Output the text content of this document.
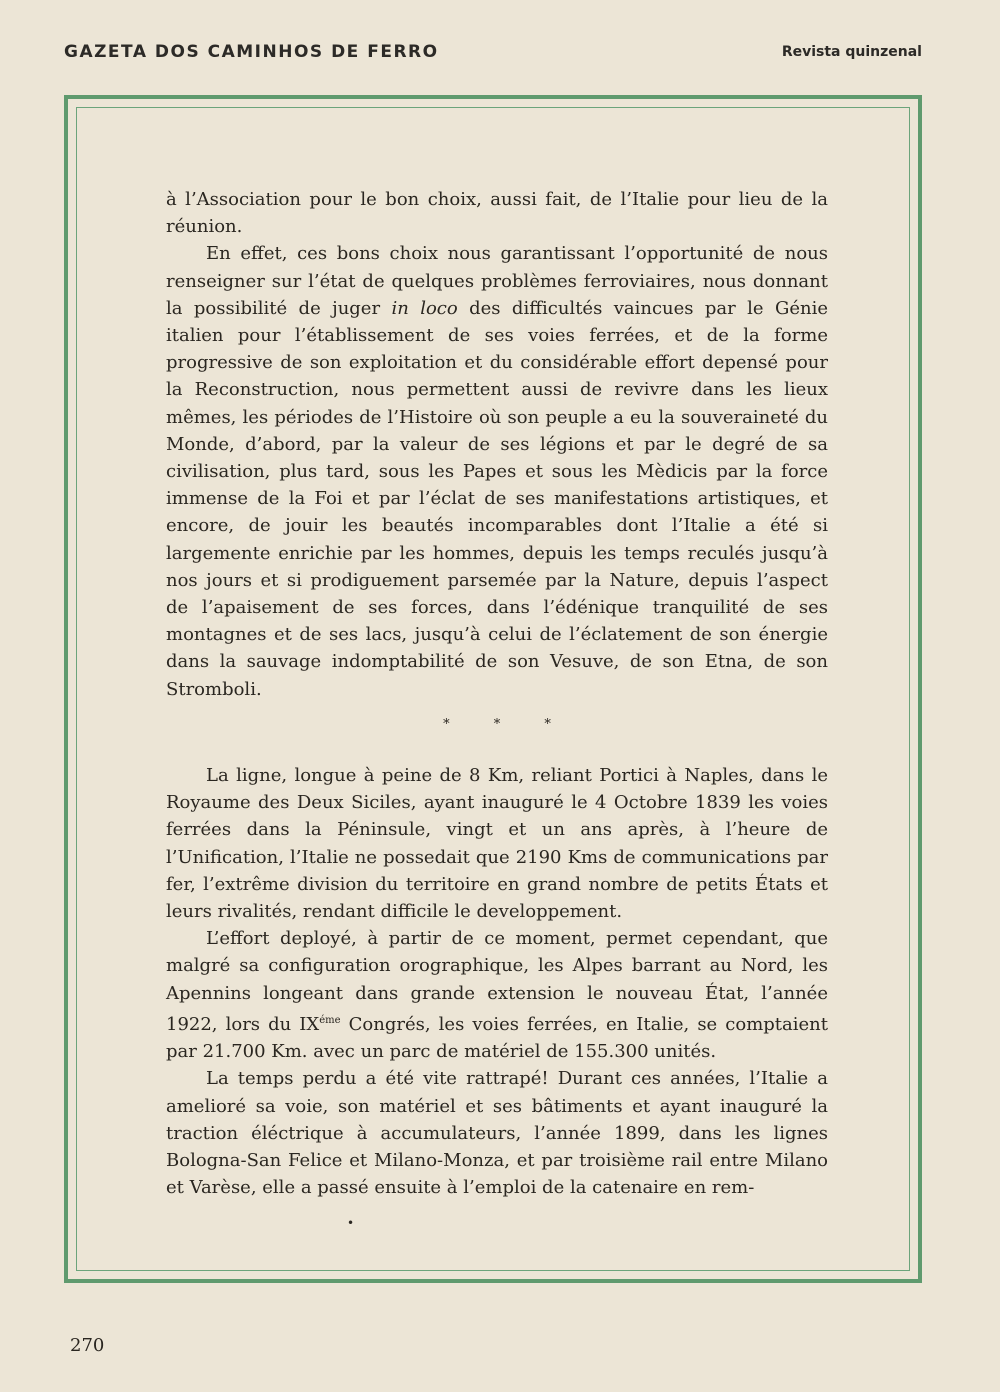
GAZETA DOS CAMINHOS DE FERRO	Revista quinzenal

à l’Association pour le bon choix, aussi fait, de l’Italie pour lieu de la réunion.

En effet, ces bons choix nous garantissant l’opportunité de nous renseigner sur l’état de quelques problèmes ferroviaires, nous donnant la possibilité de juger in loco des difficultés vaincues par le Génie italien pour l’établissement de ses voies ferrées, et de la forme progressive de son exploitation et du considérable effort depensé pour la Reconstruction, nous permettent aussi de revivre dans les lieux mêmes, les périodes de l’Histoire où son peuple a eu la souveraineté du Monde, d’abord, par la valeur de ses légions et par le degré de sa civilisation, plus tard, sous les Papes et sous les Mèdicis par la force immense de la Foi et par l’éclat de ses manifestations artistiques, et encore, de jouir les beautés incomparables dont l’Italie a été si largemente enrichie par les hommes, depuis les temps reculés jusqu’à nos jours et si prodiguement parsemée par la Nature, depuis l’aspect de l’apaisement de ses forces, dans l’édénique tranquilité de ses montagnes et de ses lacs, jusqu’à celui de l’éclatement de son énergie dans la sauvage indomptabilité de son Vesuve, de son Etna, de son Stromboli.

* * *

La ligne, longue à peine de 8 Km, reliant Portici à Naples, dans le Royaume des Deux Siciles, ayant inauguré le 4 Octobre 1839 les voies ferrées dans la Péninsule, vingt et un ans après, à l’heure de l’Unification, l’Italie ne possedait que 2190 Kms de communications par fer, l’extrême division du territoire en grand nombre de petits États et leurs rivalités, rendant difficile le developpement.

L’effort deployé, à partir de ce moment, permet cependant, que malgré sa configuration orographique, les Alpes barrant au Nord, les Apennins longeant dans grande extension le nouveau État, l’année 1922, lors du $IX^{éme}$ Congrés, les voies ferrées, en Italie, se comptaient par 21.700 Km. avec un parc de matériel de 155.300 unités.

La temps perdu a été vite rattrapé! Durant ces années, l’Italie a amelioré sa voie, son matériel et ses bâtiments et ayant inauguré la traction éléctrique à accumulateurs, l’année 1899, dans les lignes Bologna-San Felice et Milano-Monza, et par troisième rail entre Milano et Varèse, elle a passé ensuite à l’emploi de la catenaire en rem-

•
270
